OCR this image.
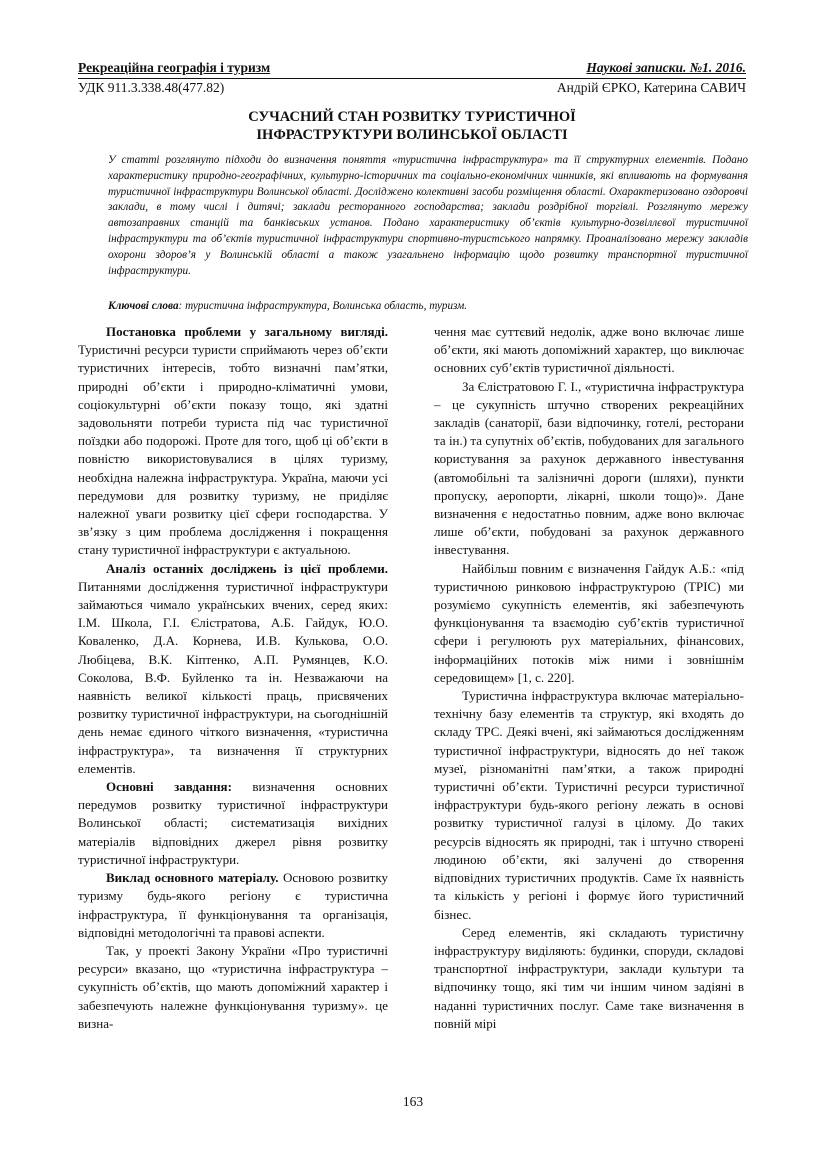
Рекреаційна географія і туризм	Наукові записки. №1. 2016.
УДК 911.3.338.48(477.82)	Андрій ЄРКО, Катерина САВИЧ
СУЧАСНИЙ СТАН РОЗВИТКУ ТУРИСТИЧНОЇ
ІНФРАСТРУКТУРИ ВОЛИНСЬКОЇ ОБЛАСТІ
У статті розглянуто підходи до визначення поняття «туристична інфраструктура» та її структурних елементів. Подано характеристику природно-географічних, культурно-історичних та соціально-економічних чинників, які впливають на формування туристичної інфраструктури Волинської області. Досліджено колективні засоби розміщення області. Охарактеризовано оздоровчі заклади, в тому числі і дитячі; заклади ресторанного господарства; заклади роздрібної торгівлі. Розглянуто мережу автозаправних станцій та банківських установ. Подано характеристику об’єктів культурно-дозвіллєвої туристичної інфраструктури та об’єктів туристичної інфраструктури спортивно-туристського напрямку. Проаналізовано мережу закладів охорони здоров’я у Волинській області а також узагальнено інформацію щодо розвитку транспортної туристичної інфраструктури.
Ключові слова: туристична інфраструктура, Волинська область, туризм.

Постановка проблеми у загальному вигляді. Туристичні ресурси туристи сприймають через об’єкти туристичних інтересів, тобто визначні пам’ятки, природні об’єкти і природно-кліматичні умови, соціокультурні об’єкти показу тощо, які здатні задовольняти потреби туриста під час туристичної поїздки або подорожі. Проте для того, щоб ці об’єкти в повністю використовувалися в цілях туризму, необхідна належна інфраструктура. Україна, маючи усі передумови для розвитку туризму, не приділяє належної уваги розвитку цієї сфери господарства. У зв’язку з цим проблема дослідження і покращення стану туристичної інфраструктури є актуальною.

Аналіз останніх досліджень із цієї проблеми. Питаннями дослідження туристичної інфраструктури займаються чимало українських вчених, серед яких: І.М. Школа, Г.І. Єлістратова, А.Б. Гайдук, Ю.О. Коваленко, Д.А. Корнева, И.В. Кулькова, О.О. Любіцева, В.К. Кіптенко, А.П. Румянцев, К.О. Соколова, В.Ф. Буйленко та ін. Незважаючи на наявність великої кількості праць, присвячених розвитку туристичної інфраструктури, на сьогоднішній день немає єдиного чіткого визначення, «туристична інфраструктура», та визначення її структурних елементів.

Основні завдання: визначення основних передумов розвитку туристичної інфраструктури Волинської області; систематизація вихідних матеріалів відповідних джерел рівня розвитку туристичної інфраструктури.

Виклад основного матеріалу. Основою розвитку туризму будь-якого регіону є туристична інфраструктура, її функціонування та організація, відповідні методологічні та правові аспекти.

Так, у проекті Закону України «Про туристичні ресурси» вказано, що «туристична інфраструктура – сукупність об’єктів, що мають допоміжний характер і забезпечують належне функціонування туризму». це визна-

чення має суттєвий недолік, адже воно включає лише об’єкти, які мають допоміжний характер, що виключає основних суб’єктів туристичної діяльності.

За Єлістратовою Г. І., «туристична інфраструктура – це сукупність штучно створених рекреаційних закладів (санаторії, бази відпочинку, готелі, ресторани та ін.) та супутніх об’єктів, побудованих для загального користування за рахунок державного інвестування (автомобільні та залізничні дороги (шляхи), пункти пропуску, аеропорти, лікарні, школи тощо)». Дане визначення є недостатньо повним, адже воно включає лише об’єкти, побудовані за рахунок державного інвестування.

Найбільш повним є визначення Гайдук А.Б.: «під туристичною ринковою інфраструктурою (ТРІС) ми розуміємо сукупність елементів, які забезпечують функціонування та взаємодію суб’єктів туристичної сфери і регулюють рух матеріальних, фінансових, інформаційних потоків між ними і зовнішнім середовищем» [1, с. 220].

Туристична інфраструктура включає матеріально-технічну базу елементів та структур, які входять до складу ТРС. Деякі вчені, які займаються дослідженням туристичної інфраструктури, відносять до неї також музеї, різноманітні пам’ятки, а також природні туристичні об’єкти. Туристичні ресурси туристичної інфраструктури будь-якого регіону лежать в основі розвитку туристичної галузі в цілому. До таких ресурсів відносять як природні, так і штучно створені людиною об’єкти, які залучені до створення відповідних туристичних продуктів. Саме їх наявність та кількість у регіоні і формує його туристичний бізнес.

Серед елементів, які складають туристичну інфраструктуру виділяють: будинки, споруди, складові транспортної інфраструктури, заклади культури та відпочинку тощо, які тим чи іншим чином задіяні в наданні туристичних послуг. Саме таке визначення в повній мірі

163
